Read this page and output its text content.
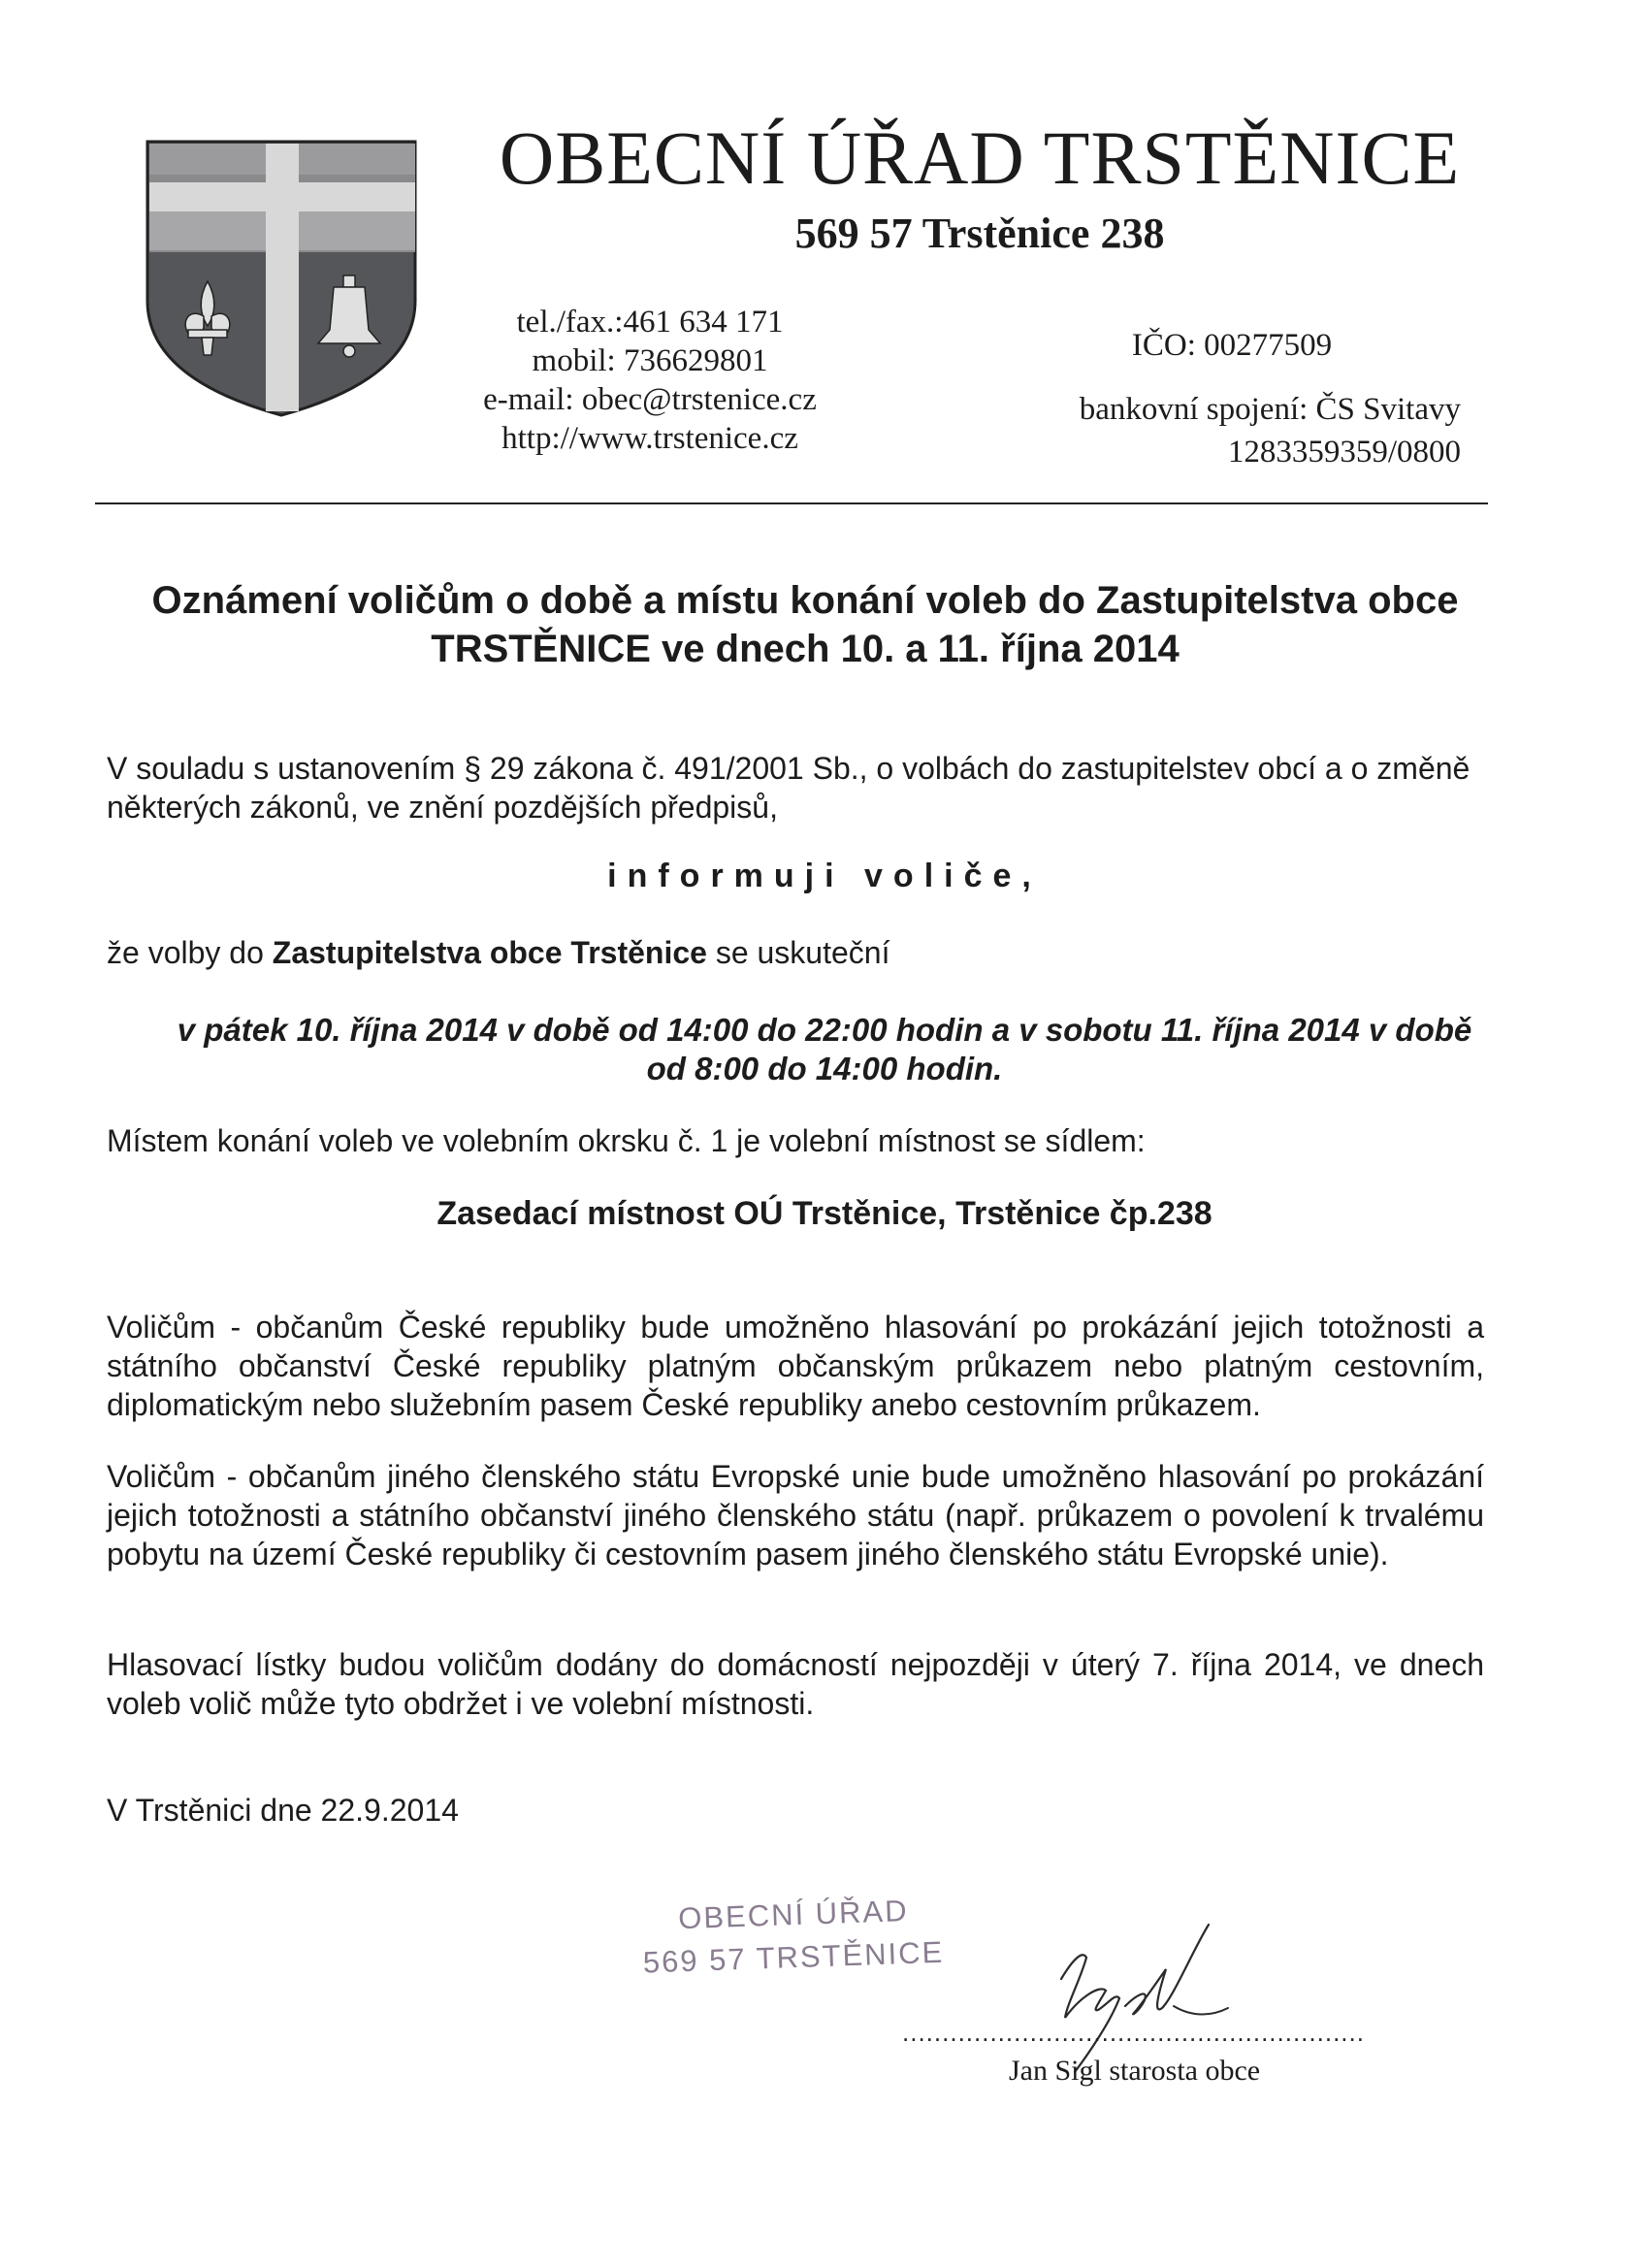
OBECNÍ ÚŘAD TRSTĚNICE
569 57 Trstěnice 238
tel./fax.:461 634 171
mobil: 736629801
e-mail: obec@trstenice.cz
http://www.trstenice.cz
IČO: 00277509
bankovní spojení: ČS Svitavy
1283359359/0800
Oznámení voličům o době a místu konání voleb do Zastupitelstva obce
TRSTĚNICE ve dnech 10. a 11. října 2014
V souladu s ustanovením § 29 zákona č. 491/2001 Sb., o volbách do zastupitelstev obcí a o změně některých zákonů, ve znění pozdějších předpisů,
informuji voliče,
že volby do Zastupitelstva obce Trstěnice se uskuteční
v pátek 10. října 2014 v době od 14:00 do 22:00 hodin a v sobotu 11. října 2014 v době
od 8:00 do 14:00 hodin.
Místem konání voleb ve volebním okrsku č. 1 je volební místnost se sídlem:
Zasedací místnost OÚ Trstěnice, Trstěnice čp.238
Voličům - občanům České republiky bude umožněno hlasování po prokázání jejich totožnosti a státního občanství České republiky platným občanským průkazem nebo platným cestovním, diplomatickým nebo služebním pasem České republiky anebo cestovním průkazem.
Voličům - občanům jiného členského státu Evropské unie bude umožněno hlasování po prokázání jejich totožnosti a státního občanství jiného členského státu (např. průkazem o povolení k trvalému pobytu na území České republiky či cestovním pasem jiného členského státu Evropské unie).
Hlasovací lístky budou voličům dodány do domácností nejpozději v úterý 7. října 2014, ve dnech voleb volič může tyto obdržet i ve volební místnosti.
V Trstěnici dne 22.9.2014
OBECNÍ ÚŘAD
569 57 TRSTĚNICE
..........................................................
Jan Sigl starosta obce
